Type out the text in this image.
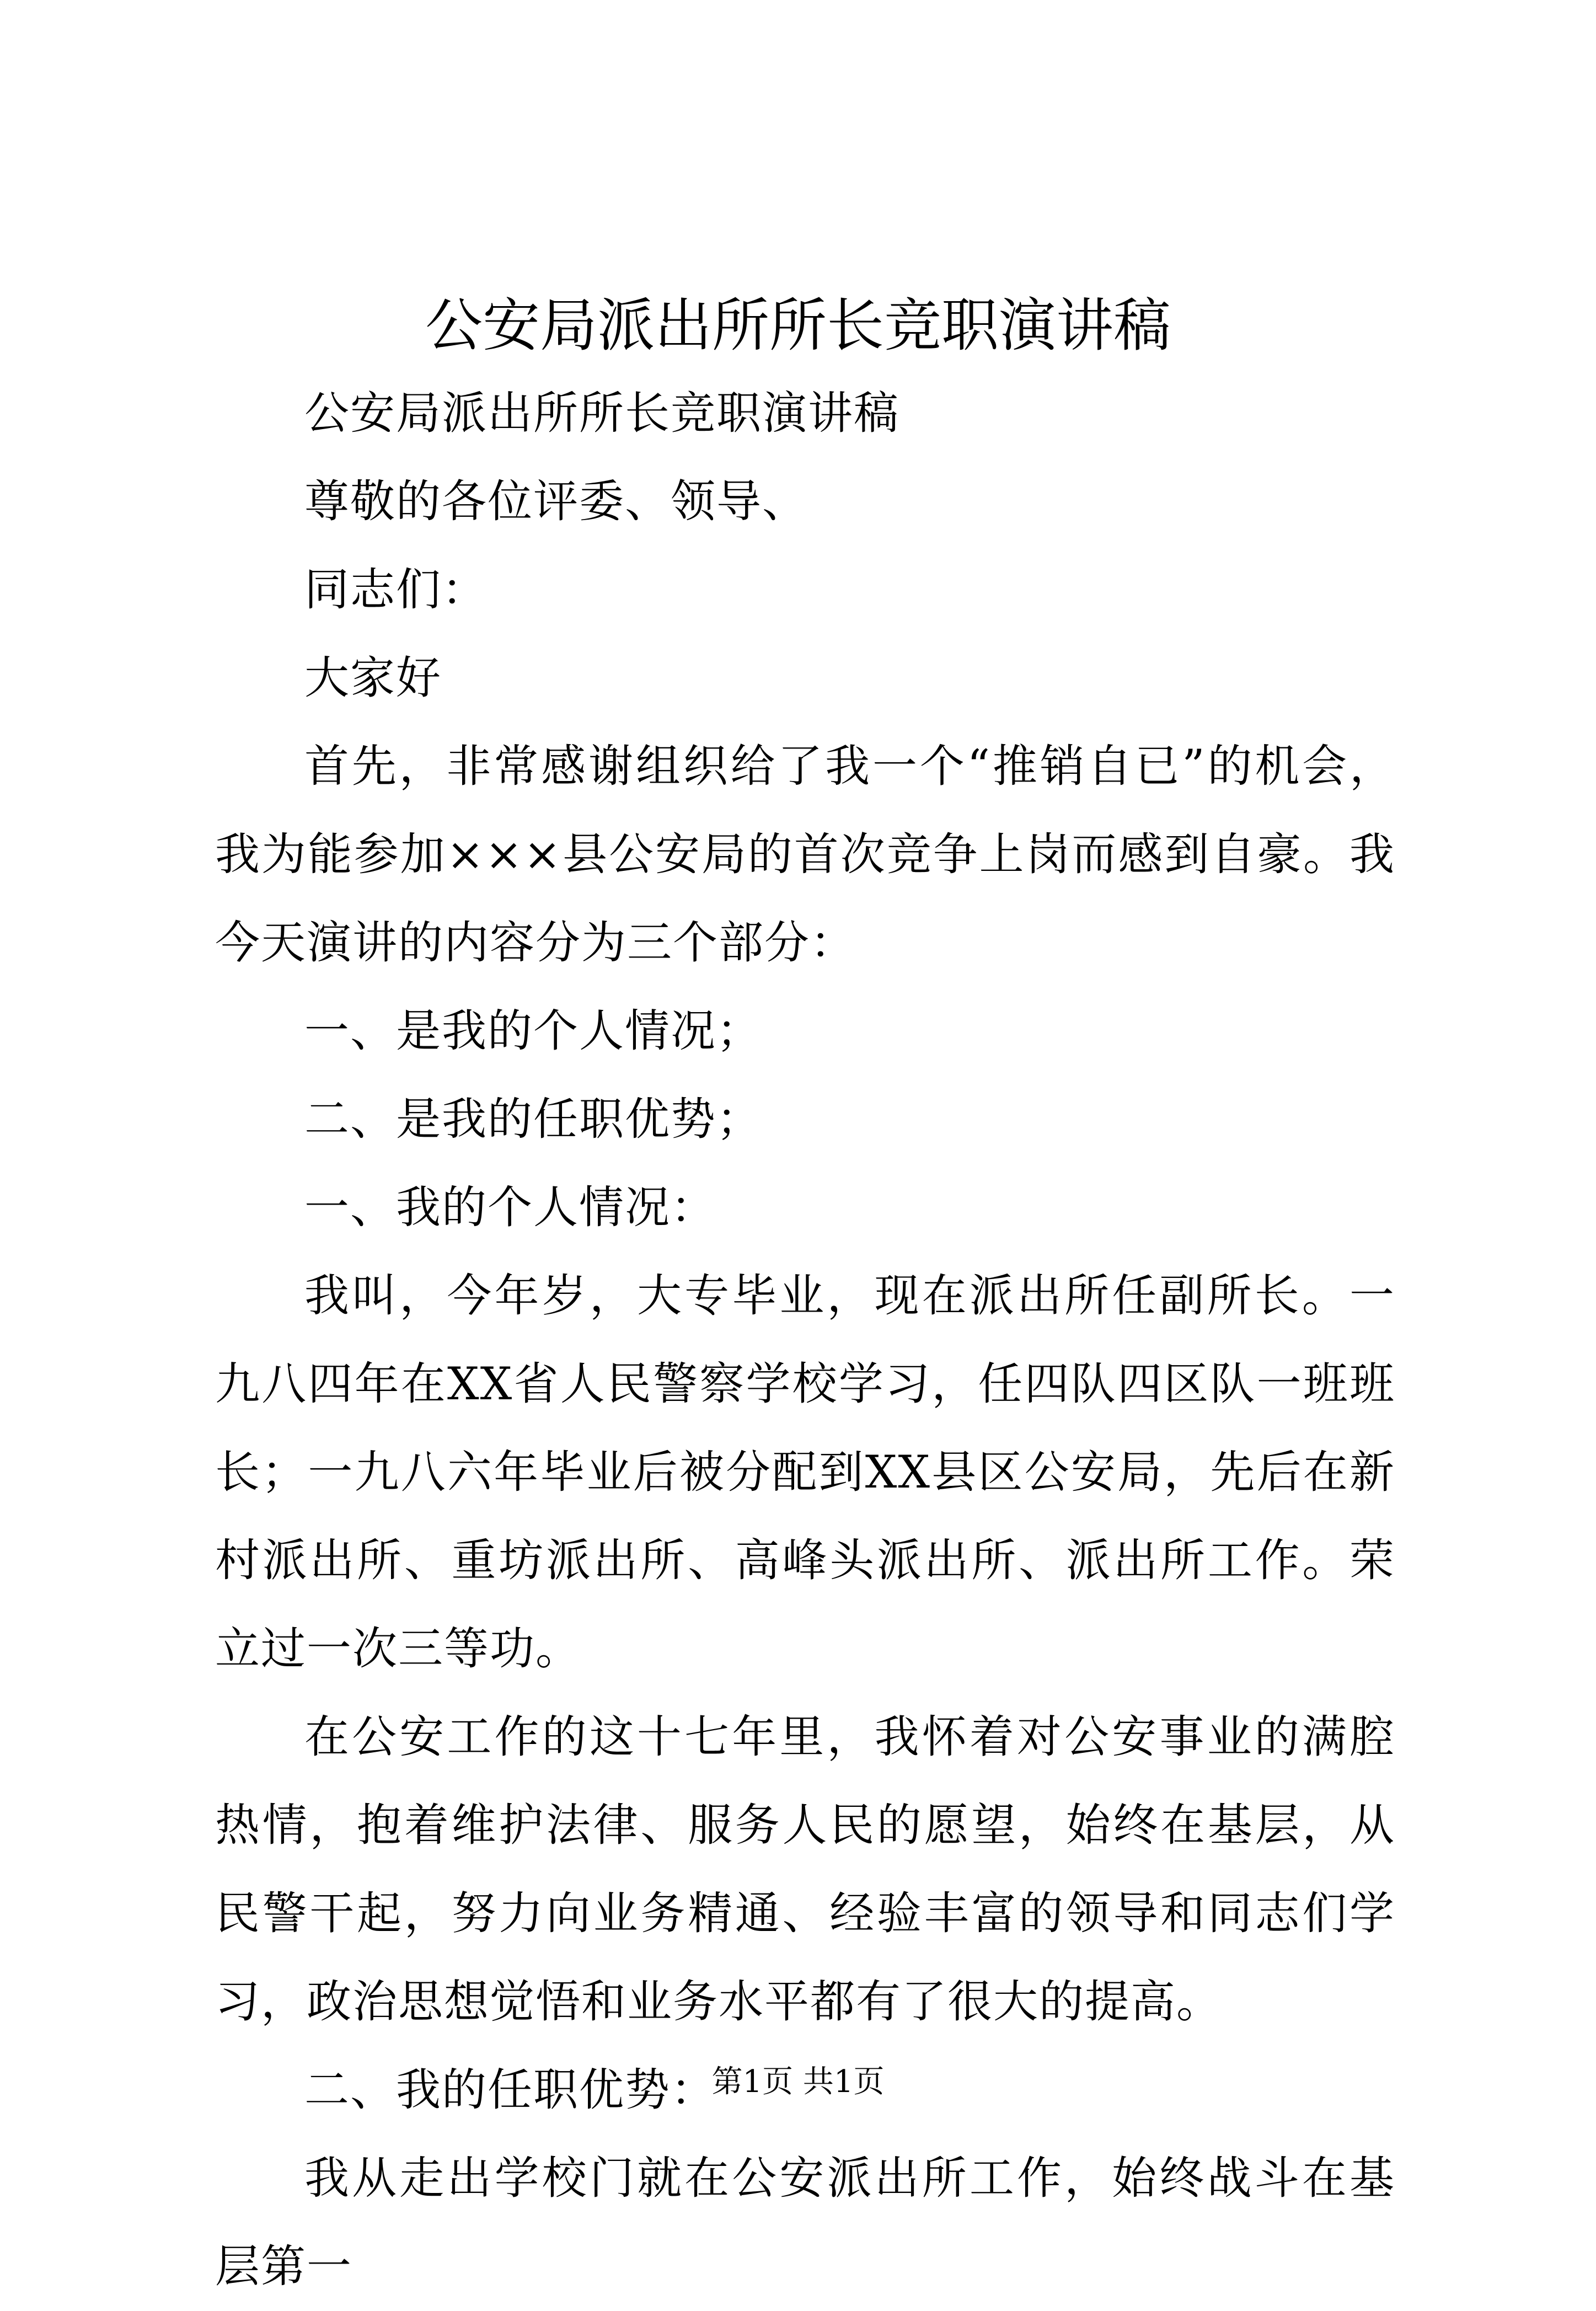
公安局派出所所长竞职演讲稿

公安局派出所所长竞职演讲稿

尊敬的各位评委、领导、

同志们：

大家好

首先，非常感谢组织给了我一个“推销自已”的机会，我为能参加×××县公安局的首次竞争上岗而感到自豪。我今天演讲的内容分为三个部分：

一、是我的个人情况；

二、是我的任职优势；

一、我的个人情况：

我叫，今年岁，大专毕业，现在派出所任副所长。一九八四年在XX省人民警察学校学习，任四队四区队一班班长；一九八六年毕业后被分配到XX县区公安局，先后在新村派出所、重坊派出所、高峰头派出所、派出所工作。荣立过一次三等功。

在公安工作的这十七年里，我怀着对公安事业的满腔热情，抱着维护法律、服务人民的愿望，始终在基层，从民警干起，努力向业务精通、经验丰富的领导和同志们学习，政治思想觉悟和业务水平都有了很大的提高。

二、我的任职优势：

我从走出学校门就在公安派出所工作，始终战斗在基层第一

第1页 共1页
